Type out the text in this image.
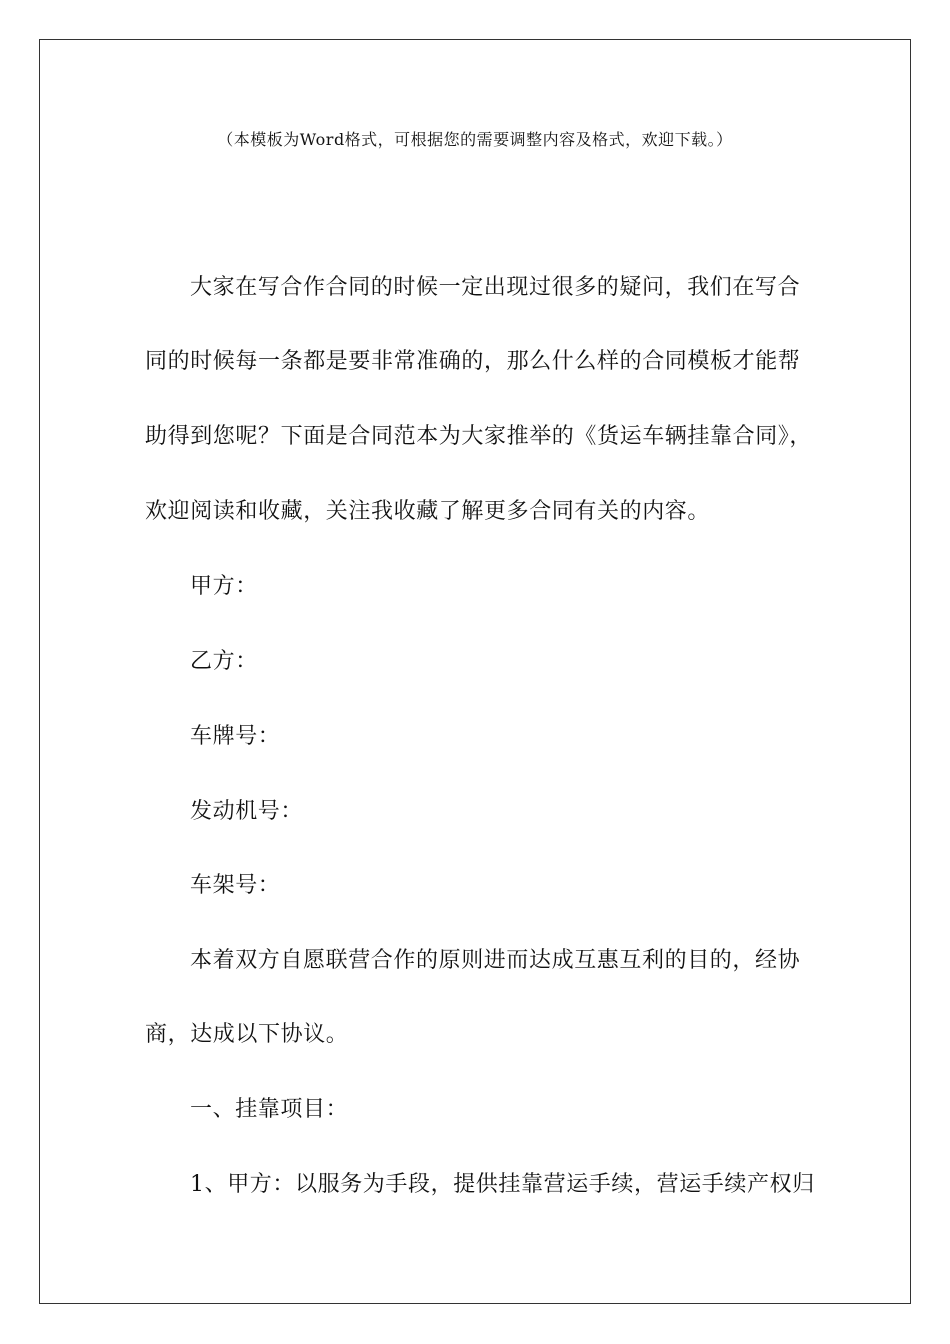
（本模板为Word格式，可根据您的需要调整内容及格式，欢迎下载。）
大家在写合作合同的时候一定出现过很多的疑问，我们在写合
同的时候每一条都是要非常准确的，那么什么样的合同模板才能帮
助得到您呢？下面是合同范本为大家推举的《货运车辆挂靠合同》，
欢迎阅读和收藏，关注我收藏了解更多合同有关的内容。
甲方：
乙方：
车牌号：
发动机号：
车架号：
本着双方自愿联营合作的原则进而达成互惠互利的目的，经协
商，达成以下协议。
一、挂靠项目：
1、甲方：以服务为手段，提供挂靠营运手续，营运手续产权归
